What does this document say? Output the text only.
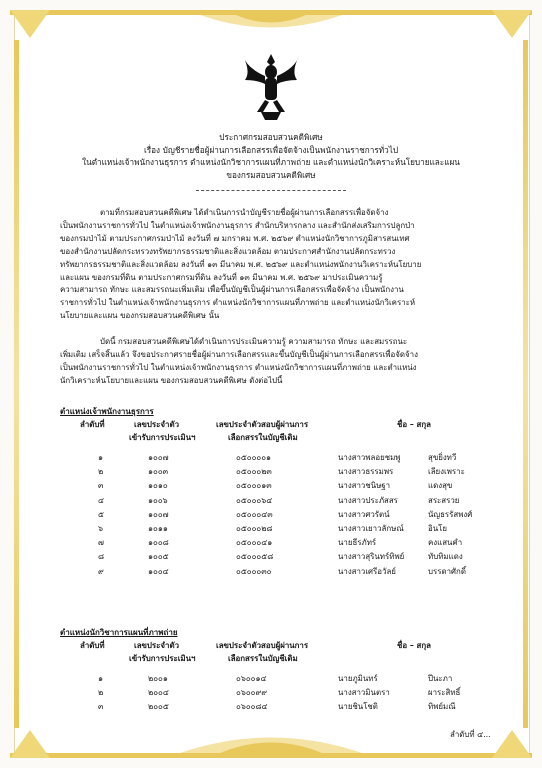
ประกาศกรมสอบสวนคดีพิเศษ
เรื่อง บัญชีรายชื่อผู้ผ่านการเลือกสรรเพื่อจัดจ้างเป็นพนักงานราชการทั่วไป
ในตำแหน่งเจ้าพนักงานธุรการ ตำแหน่งนักวิชาการแผนที่ภาพถ่าย และตำแหน่งนักวิเคราะห์นโยบายและแผน
ของกรมสอบสวนคดีพิเศษ
ตามที่กรมสอบสวนคดีพิเศษ ได้ดำเนินการนำบัญชีรายชื่อผู้ผ่านการเลือกสรรเพื่อจัดจ้าง
เป็นพนักงานราชการทั่วไป ในตำแหน่งเจ้าพนักงานธุรการ สำนักบริหารกลาง และสำนักส่งเสริมการปลูกป่า
ของกรมป่าไม้ ตามประกาศกรมป่าไม้ ลงวันที่ ๗ มกราคม พ.ศ. ๒๕๖๙ ตำแหน่งนักวิชาการภูมิสารสนเทศ
ของสำนักงานปลัดกระทรวงทรัพยากรธรรมชาติและสิ่งแวดล้อม ตามประกาศสำนักงานปลัดกระทรวง
ทรัพยากรธรรมชาติและสิ่งแวดล้อม ลงวันที่ ๑๓ มีนาคม พ.ศ. ๒๕๖๙ และตำแหน่งพนักงานวิเคราะห์นโยบาย
และแผน ของกรมที่ดิน ตามประกาศกรมที่ดิน ลงวันที่ ๑๓ มีนาคม พ.ศ. ๒๕๖๙ มาประเมินความรู้
ความสามารถ ทักษะ และสมรรถนะเพิ่มเติม เพื่อขึ้นบัญชีเป็นผู้ผ่านการเลือกสรรเพื่อจัดจ้าง เป็นพนักงาน
ราชการทั่วไป ในตำแหน่งเจ้าพนักงานธุรการ ตำแหน่งนักวิชาการแผนที่ภาพถ่าย และตำแหน่งนักวิเคราะห์
นโยบายและแผน ของกรมสอบสวนคดีพิเศษ นั้น
บัดนี้ กรมสอบสวนคดีพิเศษได้ดำเนินการประเมินความรู้ ความสามารถ ทักษะ และสมรรถนะ
เพิ่มเติม เสร็จสิ้นแล้ว จึงขอประกาศรายชื่อผู้ผ่านการเลือกสรรและขึ้นบัญชีเป็นผู้ผ่านการเลือกสรรเพื่อจัดจ้าง
เป็นพนักงานราชการทั่วไป ในตำแหน่งเจ้าพนักงานธุรการ ตำแหน่งนักวิชาการแผนที่ภาพถ่าย และตำแหน่ง
นักวิเคราะห์นโยบายและแผน ของกรมสอบสวนคดีพิเศษ ดังต่อไปนี้
ตำแหน่งเจ้าพนักงานธุรการ
ลำดับที่	เลขประจำตัว
เข้ารับการประเมินฯ
เลขประจำตัวสอบผู้ผ่านการ
เลือกสรรในบัญชีเดิม
ชื่อ – สกุล
๑	๑๐๐๗	๐๕๐๐๐๐๑	นางสาวพลอยชมพู	สุขยิ่งทวี
๒	๑๐๐๓	๐๕๐๐๐๒๓	นางสาวธรรมพร	เลียงเพราะ
๓	๑๐๑๐	๐๕๐๐๐๑๓	นางสาวชนิษฐา	แดงสุข
๔	๑๐๐๖	๐๕๐๐๐๖๔	นางสาวประภัสสร	สระสรวย
๕	๑๐๐๗	๐๕๐๐๐๔๓	นางสาวศวรัตน์	นัญธรรัสพงศ์
๖	๑๐๑๑	๐๕๐๐๐๒๘	นางสาวเยาวลักษณ์	อินโย
๗	๑๐๐๘	๐๕๐๐๐๔๑	นายธีรภัทร์	คงแสนคำ
๘	๑๐๐๕	๐๕๐๐๐๕๘	นางสาวสุรินทร์ทิพย์	ทับทิมแดง
๙	๑๐๐๔	๐๕๐๐๐๓๐	นางสาวเศรีอวัลย์	บรรดาศักดิ์
ตำแหน่งนักวิชาการแผนที่ภาพถ่าย
ลำดับที่	เลขประจำตัว
เข้ารับการประเมินฯ
เลขประจำตัวสอบผู้ผ่านการ
เลือกสรรในบัญชีเดิม
ชื่อ – สกุล
๑	๒๐๐๑	๐๖๐๐๑๔	นายภูมินทร์	ปีนะภา
๒	๒๐๐๔	๐๖๐๐๙๙	นางสาวมินตรา	ผาระสิทธิ์
๓	๒๐๐๕	๐๖๐๐๘๔	นายชินโชติ	ทิพย์มณี
ลำดับที่ ๔...
